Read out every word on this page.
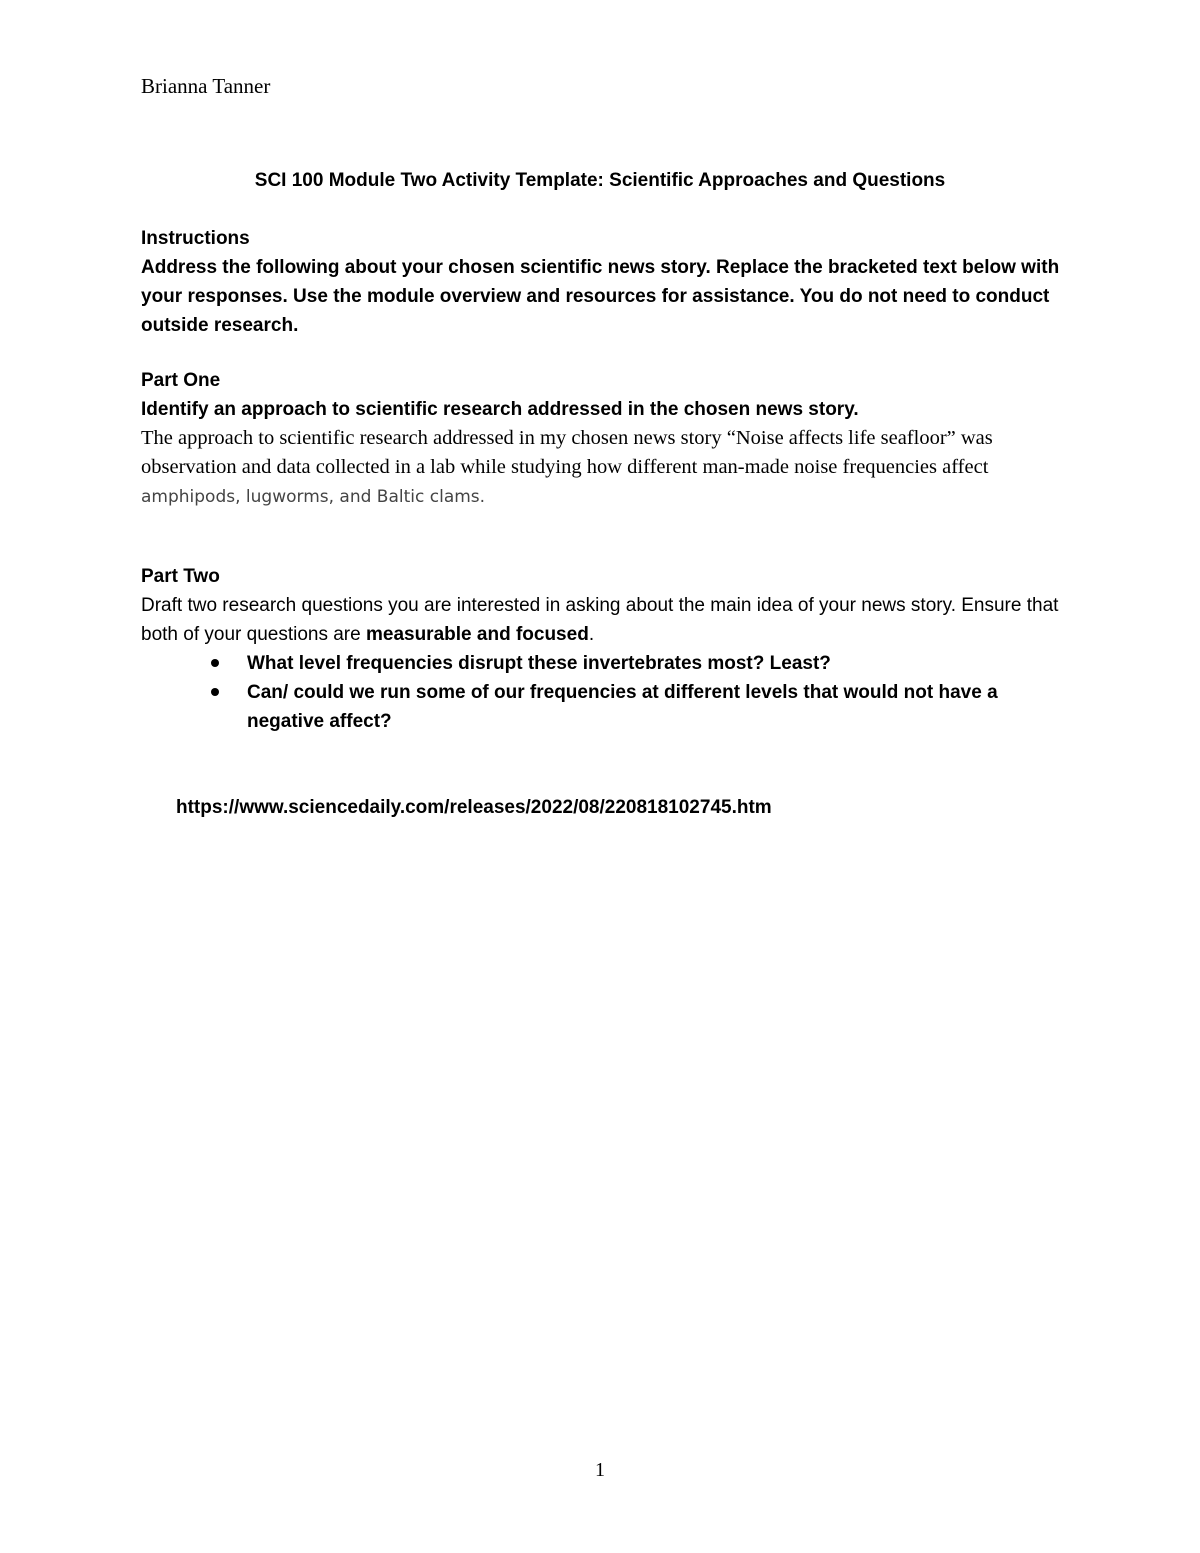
Brianna Tanner
SCI 100 Module Two Activity Template: Scientific Approaches and Questions
Instructions
Address the following about your chosen scientific news story. Replace the bracketed text below with your responses. Use the module overview and resources for assistance. You do not need to conduct outside research.
Part One
Identify an approach to scientific research addressed in the chosen news story.
The approach to scientific research addressed in my chosen news story “Noise affects life seafloor” was observation and data collected in a lab while studying how different man-made noise frequencies affect amphipods, lugworms, and Baltic clams.
Part Two
Draft two research questions you are interested in asking about the main idea of your news story. Ensure that both of your questions are measurable and focused.
What level frequencies disrupt these invertebrates most? Least?
Can/ could we run some of our frequencies at different levels that would not have a negative affect?
https://www.sciencedaily.com/releases/2022/08/220818102745.htm
1
